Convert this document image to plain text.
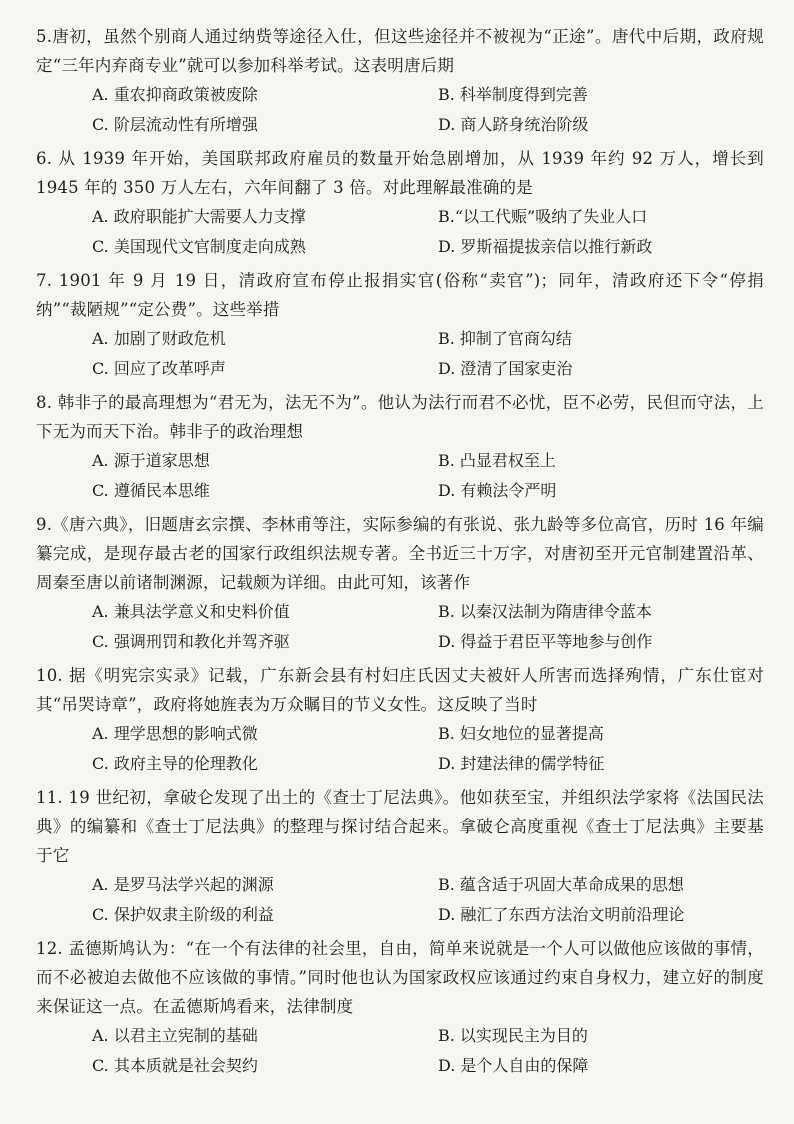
5.唐初，虽然个别商人通过纳赀等途径入仕，但这些途径并不被视为“正途”。唐代中后期，政府规定“三年内弃商专业”就可以参加科举考试。这表明唐后期

A. 重农抑商政策被废除	B. 科举制度得到完善
C. 阶层流动性有所增强	D. 商人跻身统治阶级

6. 从 1939 年开始，美国联邦政府雇员的数量开始急剧增加，从 1939 年约 92 万人，增长到 1945 年的 350 万人左右，六年间翻了 3 倍。对此理解最准确的是

A. 政府职能扩大需要人力支撑	B.“以工代赈”吸纳了失业人口
C. 美国现代文官制度走向成熟	D. 罗斯福提拔亲信以推行新政

7. 1901 年 9 月 19 日，清政府宣布停止报捐实官(俗称“卖官”)；同年，清政府还下令“停捐纳”“裁陋规”“定公费”。这些举措

A. 加剧了财政危机	B. 抑制了官商勾结
C. 回应了改革呼声	D. 澄清了国家吏治

8. 韩非子的最高理想为“君无为，法无不为”。他认为法行而君不必忧，臣不必劳，民但而守法，上下无为而天下治。韩非子的政治理想

A. 源于道家思想	B. 凸显君权至上
C. 遵循民本思维	D. 有赖法令严明

9.《唐六典》，旧题唐玄宗撰、李林甫等注，实际参编的有张说、张九龄等多位高官，历时 16 年编纂完成，是现存最古老的国家行政组织法规专著。全书近三十万字，对唐初至开元官制建置沿革、周秦至唐以前诸制渊源，记载颇为详细。由此可知，该著作

A. 兼具法学意义和史料价值	B. 以秦汉法制为隋唐律令蓝本
C. 强调刑罚和教化并驾齐驱	D. 得益于君臣平等地参与创作

10. 据《明宪宗实录》记载，广东新会县有村妇庄氏因丈夫被奸人所害而选择殉情，广东仕宦对其“吊哭诗章”，政府将她旌表为万众瞩目的节义女性。这反映了当时

A. 理学思想的影响式微	B. 妇女地位的显著提高
C. 政府主导的伦理教化	D. 封建法律的儒学特征

11. 19 世纪初，拿破仑发现了出土的《查士丁尼法典》。他如获至宝，并组织法学家将《法国民法典》的编纂和《查士丁尼法典》的整理与探讨结合起来。拿破仑高度重视《查士丁尼法典》主要基于它

A. 是罗马法学兴起的渊源	B. 蕴含适于巩固大革命成果的思想
C. 保护奴隶主阶级的利益	D. 融汇了东西方法治文明前沿理论

12. 孟德斯鸠认为：“在一个有法律的社会里，自由，简单来说就是一个人可以做他应该做的事情，而不必被迫去做他不应该做的事情。”同时他也认为国家政权应该通过约束自身权力，建立好的制度来保证这一点。在孟德斯鸠看来，法律制度

A. 以君主立宪制的基础	B. 以实现民主为目的
C. 其本质就是社会契约	D. 是个人自由的保障
